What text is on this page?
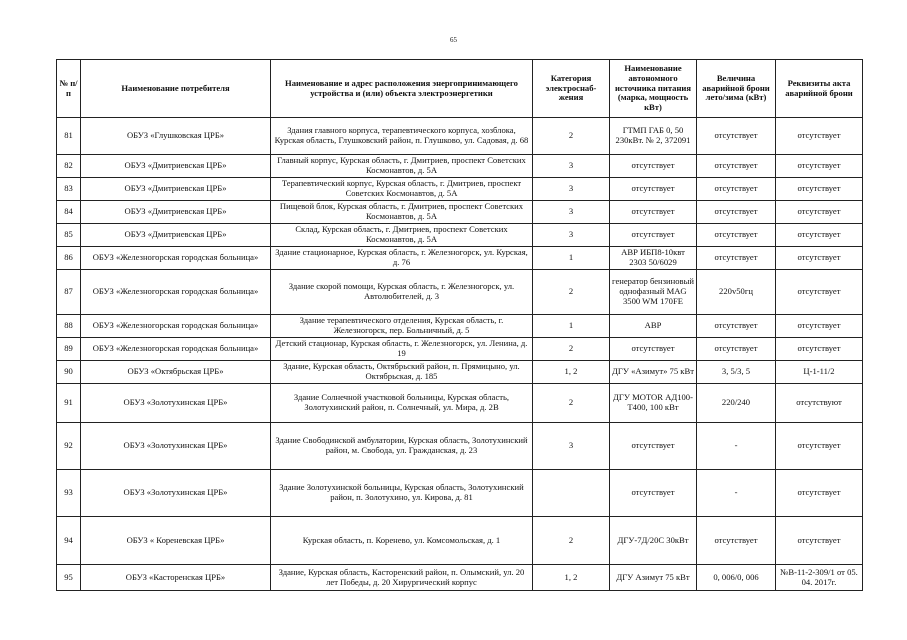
65
№ п/п	Наименование потребителя	Наименование и адрес расположения энергопринимающего устройства и (или) объекта электроэнергетики	Категория электроснаб-жения	Наименование автономного источника питания (марка, мощность кВт)	Величина аварийной брони лето/зима (кВт)	Реквизиты акта аварийной брони
81	ОБУЗ «Глушковская ЦРБ»	Здания главного корпуса, терапевтического корпуса, хозблока, Курская область, Глушковский район, п. Глушково, ул. Садовая, д. 68	2	ГТМП ГАБ 0, 50 230кВт. № 2, 372091	отсутствует	отсутствует
82	ОБУЗ «Дмитриевская ЦРБ»	Главный корпус, Курская область, г. Дмитриев, проспект Советских Космонавтов, д. 5А	3	отсутствует	отсутствует	отсутствует
83	ОБУЗ «Дмитриевская ЦРБ»	Терапевтический корпус, Курская область, г. Дмитриев, проспект Советских Космонавтов, д. 5А	3	отсутствует	отсутствует	отсутствует
84	ОБУЗ «Дмитриевская ЦРБ»	Пищевой блок, Курская область, г. Дмитриев, проспект Советских Космонавтов, д. 5А	3	отсутствует	отсутствует	отсутствует
85	ОБУЗ «Дмитриевская ЦРБ»	Склад, Курская область, г. Дмитриев, проспект Советских Космонавтов, д. 5А	3	отсутствует	отсутствует	отсутствует
86	ОБУЗ «Железногорская городская больница»	Здание стационарное, Курская область, г. Железногорск, ул. Курская, д. 76	1	АВР ИБП8-10квт 2303 50/6029	отсутствует	отсутствует
87	ОБУЗ «Железногорская городская больница»	Здание скорой помощи, Курская область, г. Железногорск, ул. Автолюбителей, д. 3	2	генератор бензиновый однофазный MAG 3500 WM 170FE	220v50гц	отсутствует
88	ОБУЗ «Железногорская городская больница»	Здание терапевтического отделения, Курская область, г. Железногорск, пер. Больничный, д. 5	1	АВР	отсутствует	отсутствует
89	ОБУЗ «Железногорская городская больница»	Детский стационар, Курская область, г. Железногорск, ул. Ленина, д. 19	2	отсутствует	отсутствует	отсутствует
90	ОБУЗ «Октябрьская ЦРБ»	Здание, Курская область, Октябрьский район, п. Прямицыно, ул. Октябрьская, д. 185	1, 2	ДГУ «Азимут» 75 кВт	3, 5/3, 5	Ц-1-11/2
91	ОБУЗ «Золотухинская ЦРБ»	Здание Солнечной участковой больницы, Курская область, Золотухинский район, п. Солнечный, ул. Мира, д. 2В	2	ДГУ MOTOR АД100-Т400, 100 кВт	220/240	отсутствуют
92	ОБУЗ «Золотухинская ЦРБ»	Здание Свободинской амбулатории, Курская область, Золотухинский район, м. Свобода, ул. Гражданская, д. 23	3	отсутствует	-	отсутствует
93	ОБУЗ «Золотухинская ЦРБ»	Здание Золотухинской больницы, Курская область, Золотухинский район, п. Золотухино, ул. Кирова, д. 81		отсутствует	-	отсутствует
94	ОБУЗ « Кореневская ЦРБ»	Курская область, п. Коренево, ул. Комсомольская, д. 1	2	ДГУ-7Д/20С 30кВт	отсутствует	отсутствует
95	ОБУЗ «Касторенская ЦРБ»	Здание, Курская область, Касторенский район, п. Олымский, ул. 20 лет Победы, д. 20 Хирургический корпус	1, 2	ДГУ Азимут 75 кВт	0, 006/0, 006	№В-11-2-309/1 от 05. 04. 2017г.
